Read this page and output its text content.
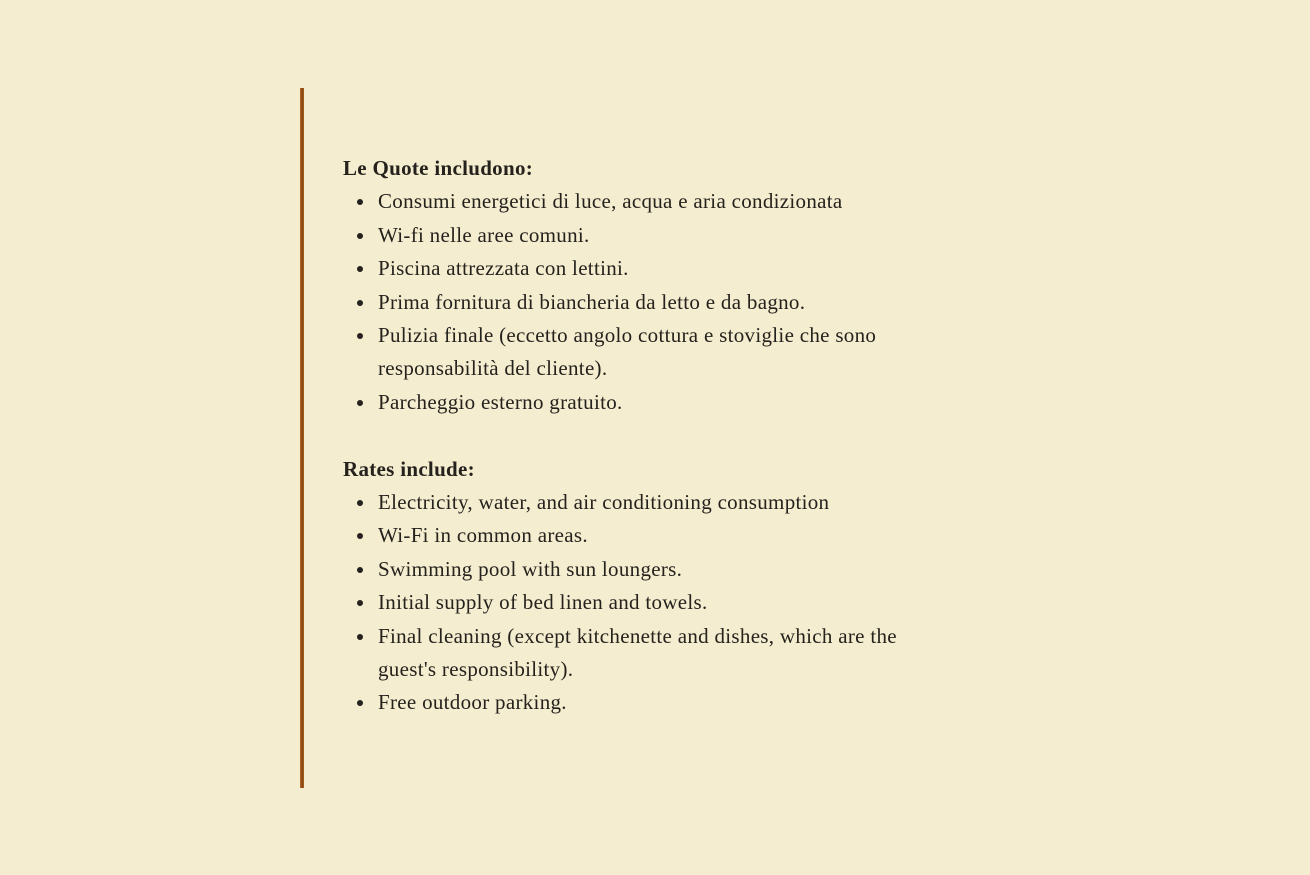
Le Quote includono:
Consumi energetici di luce, acqua e aria condizionata
Wi-fi nelle aree comuni.
Piscina attrezzata con lettini.
Prima fornitura di biancheria da letto e da bagno.
Pulizia finale (eccetto angolo cottura e stoviglie che sono
responsabilità del cliente).
Parcheggio esterno gratuito.
Rates include:
Electricity, water, and air conditioning consumption
Wi-Fi in common areas.
Swimming pool with sun loungers.
Initial supply of bed linen and towels.
Final cleaning (except kitchenette and dishes, which are the
guest's responsibility).
Free outdoor parking.
